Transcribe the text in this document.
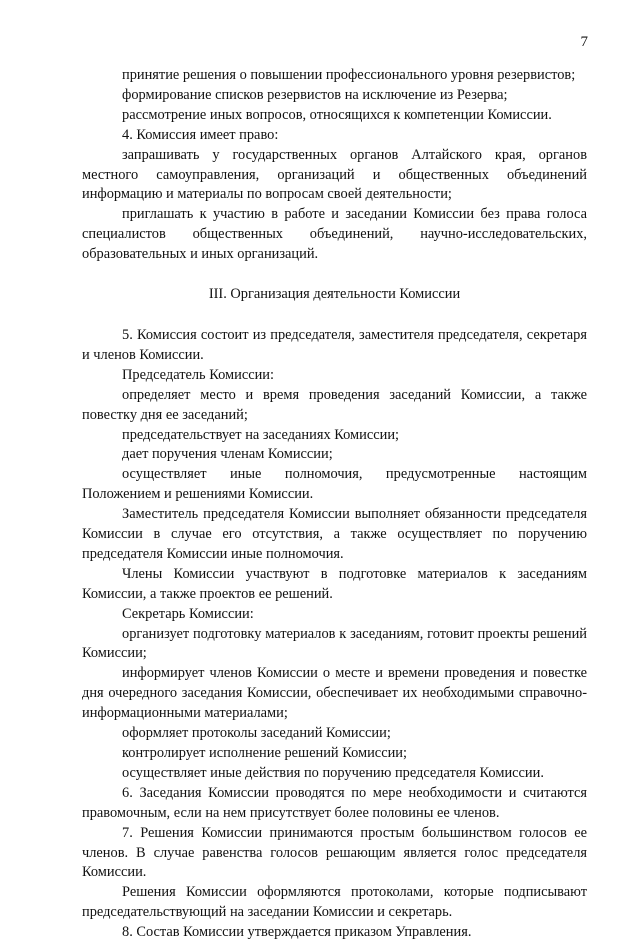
7

принятие решения о повышении профессионального уровня резервистов;

формирование списков резервистов на исключение из Резерва;

рассмотрение иных вопросов, относящихся к компетенции Комиссии.

4. Комиссия имеет право:

запрашивать у государственных органов Алтайского края, органов местного самоуправления, организаций и общественных объединений информацию и материалы по вопросам своей деятельности;

приглашать к участию в работе и заседании Комиссии без права голоса специалистов общественных объединений, научно-исследовательских, образовательных и иных организаций.

III. Организация деятельности Комиссии

5. Комиссия состоит из председателя, заместителя председателя, секретаря и членов Комиссии.

Председатель Комиссии:

определяет место и время проведения заседаний Комиссии, а также повестку дня ее заседаний;

председательствует на заседаниях Комиссии;

дает поручения членам Комиссии;

осуществляет иные полномочия, предусмотренные настоящим Положением и решениями Комиссии.

Заместитель председателя Комиссии выполняет обязанности председателя Комиссии в случае его отсутствия, а также осуществляет по поручению председателя Комиссии иные полномочия.

Члены Комиссии участвуют в подготовке материалов к заседаниям Комиссии, а также проектов ее решений.

Секретарь Комиссии:

организует подготовку материалов к заседаниям, готовит проекты решений Комиссии;

информирует членов Комиссии о месте и времени проведения и повестке дня очередного заседания Комиссии, обеспечивает их необходимыми справочно-информационными материалами;

оформляет протоколы заседаний Комиссии;

контролирует исполнение решений Комиссии;

осуществляет иные действия по поручению председателя Комиссии.

6. Заседания Комиссии проводятся по мере необходимости и считаются правомочным, если на нем присутствует более половины ее членов.

7. Решения Комиссии принимаются простым большинством голосов ее членов. В случае равенства голосов решающим является голос председателя Комиссии.

Решения Комиссии оформляются протоколами, которые подписывают председательствующий на заседании Комиссии и секретарь.

8. Состав Комиссии утверждается приказом Управления.
